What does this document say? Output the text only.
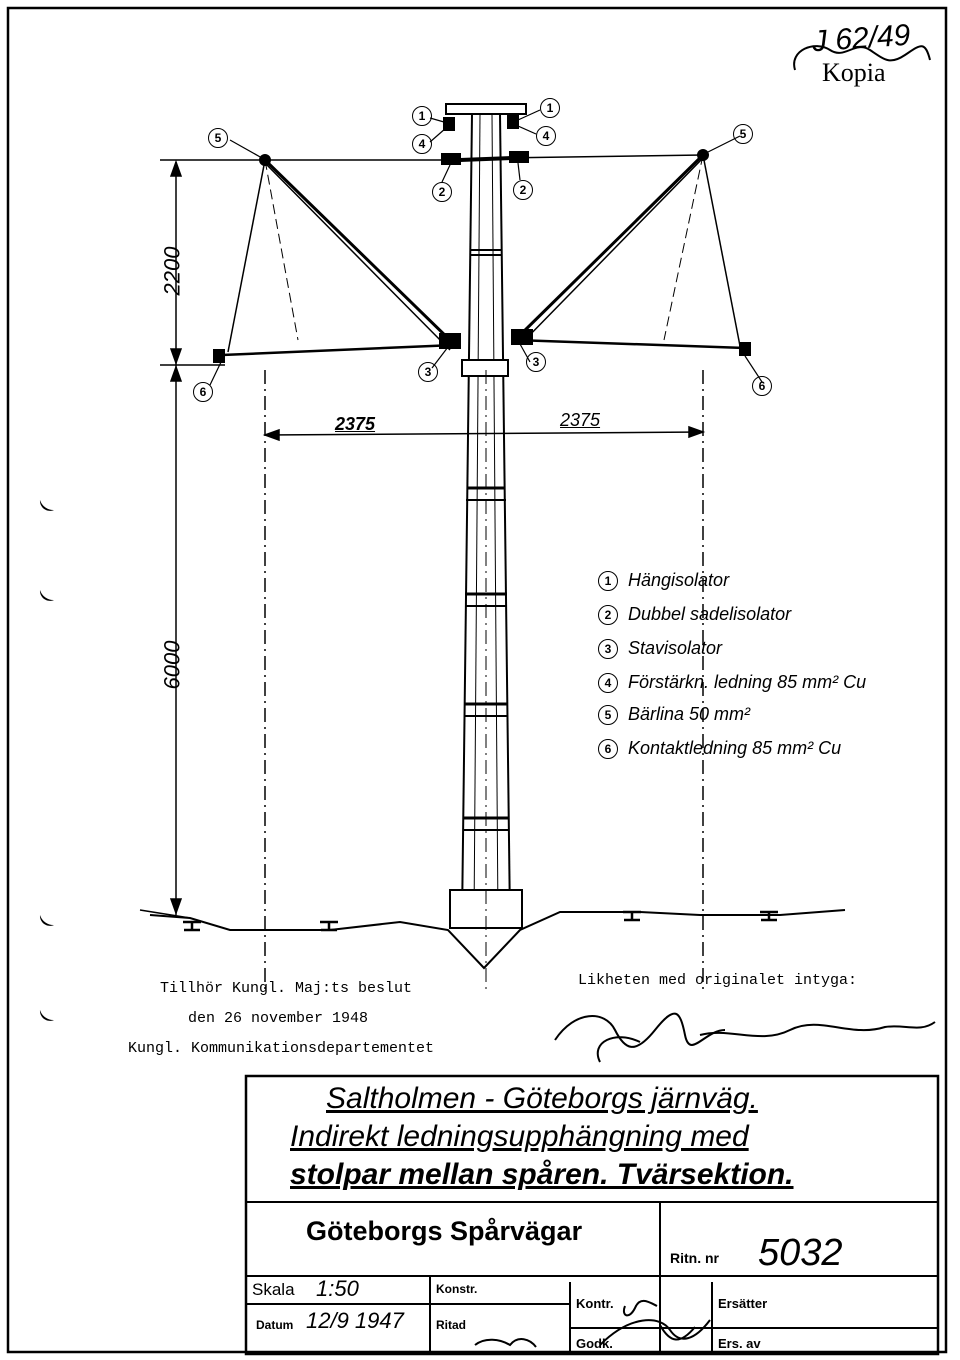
J 62/49
Kopia
2200
6000
2375	2375
5	5
1
4
1
4
2	2
3
3
6	6
1 Hängisolator
2 Dubbel sadelisolator
3 Stavisolator
4 Förstärkn. ledning 85 mm² Cu
5 Bärlina 50 mm²
6 Kontaktledning 85 mm² Cu
Tillhör Kungl. Maj:ts beslut
den 26 november 1948
Kungl. Kommunikationsdepartementet
Likheten med originalet intyga:
Saltholmen - Göteborgs järnväg.
Indirekt ledningsupphängning med
stolpar mellan spåren. Tvärsektion.
Göteborgs Spårvägar
Ritn. nr 5032
Skala 1:50
Datum 12/9 1947
Konstr.
Ritad
Kontr.
Godk.
Ersätter
Ers. av
